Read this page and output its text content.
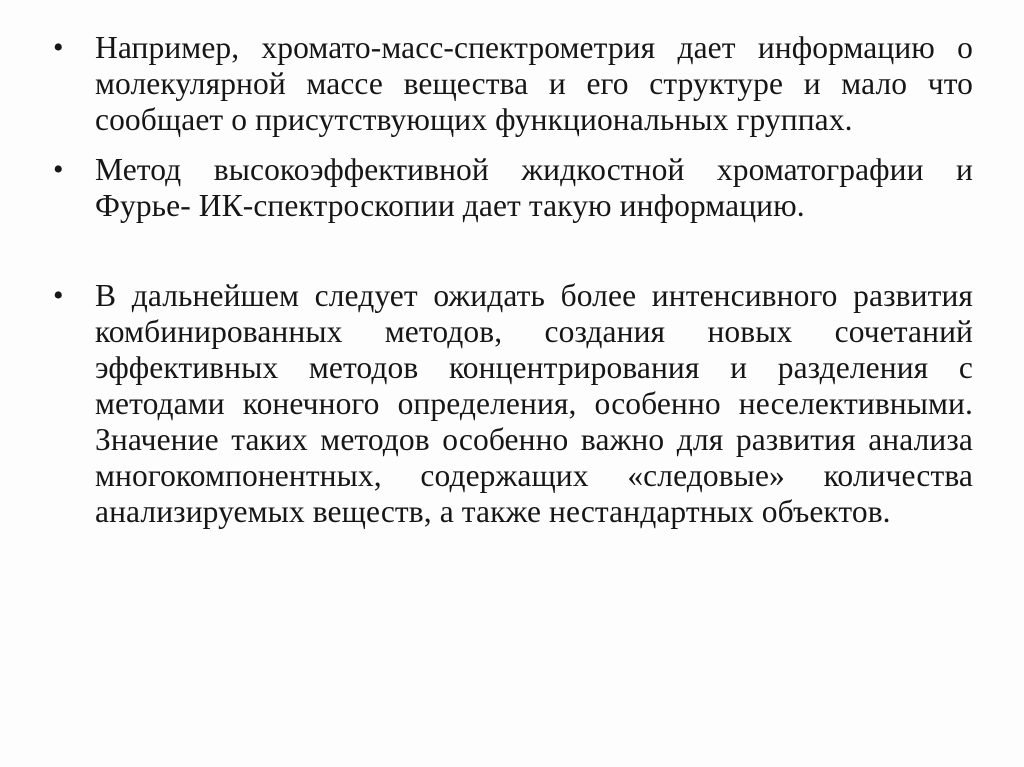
• Например, хромато-масс-спектрометрия дает информацию о молекулярной массе вещества и его структуре и мало что сообщает о присутствующих функциональных группах.
• Метод высокоэффективной жидкостной хроматографии и Фурье- ИК-спектроскопии дает такую информацию.
• В дальнейшем следует ожидать более интенсивного развития комбинированных методов, создания новых сочетаний эффективных методов концентрирования и разделения с методами конечного определения, особенно неселективными. Значение таких методов особенно важно для развития анализа многокомпонентных, содержащих «следовые» количества анализируемых веществ, а также нестандартных объектов.
